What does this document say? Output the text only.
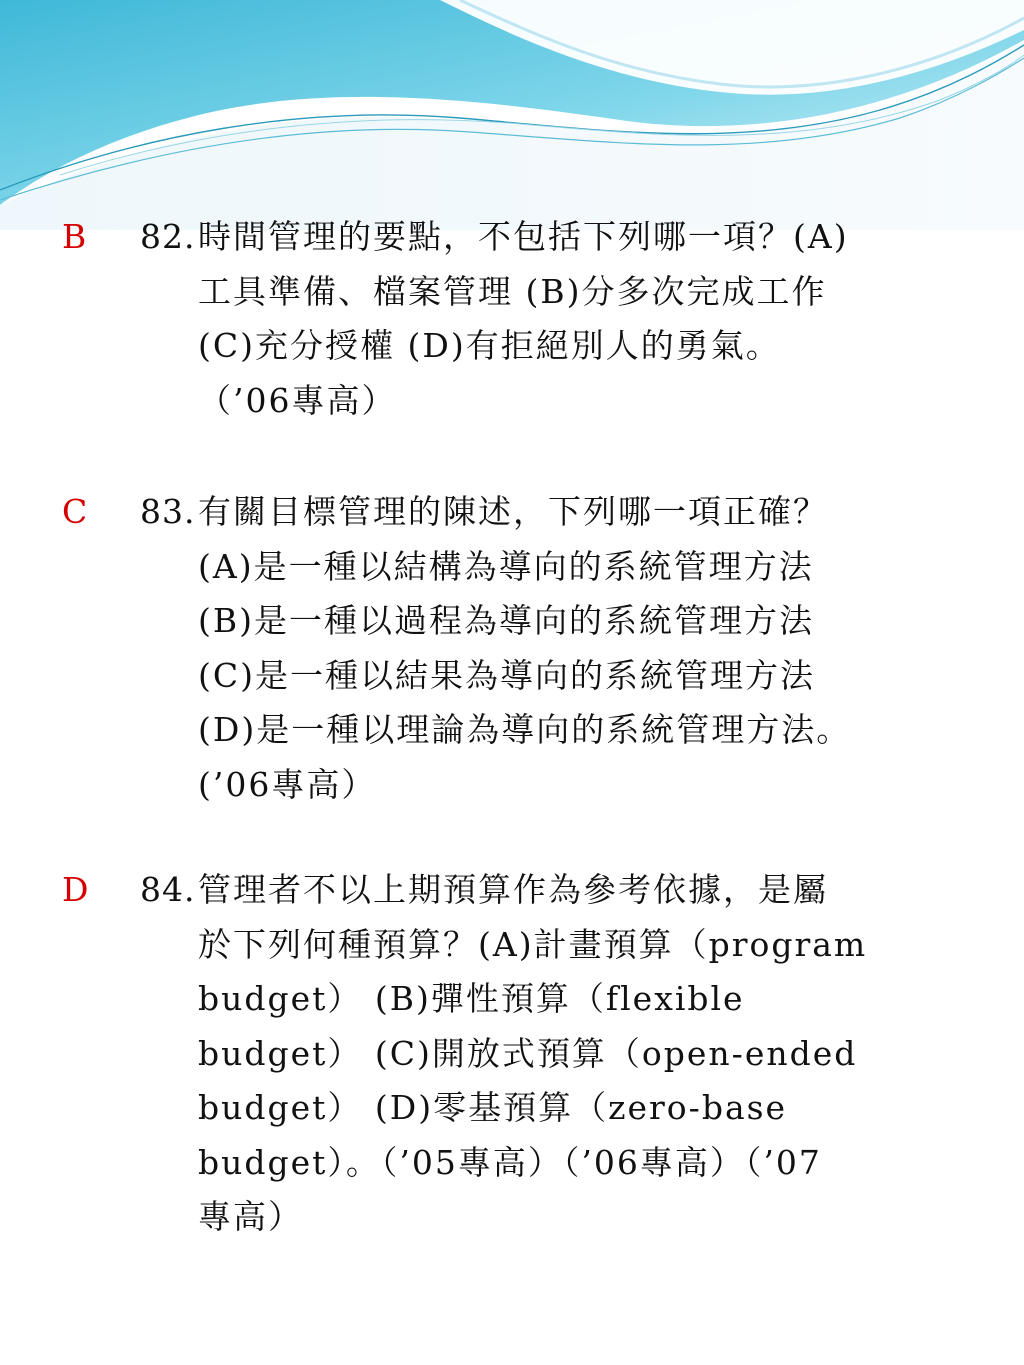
B 82. 時間管理的要點，不包括下列哪一項？(A)
工具準備、檔案管理 (B)分多次完成工作
(C)充分授權 (D)有拒絕別人的勇氣。
（’06專高）
C 83. 有關目標管理的陳述，下列哪一項正確？
(A)是一種以結構為導向的系統管理方法
(B)是一種以過程為導向的系統管理方法
(C)是一種以結果為導向的系統管理方法
(D)是一種以理論為導向的系統管理方法。
(’06專高）
D 84. 管理者不以上期預算作為參考依據，是屬
於下列何種預算？(A)計畫預算（program
budget） (B)彈性預算（flexible
budget） (C)開放式預算（open-ended
budget） (D)零基預算（zero-base
budget）。（’05專高）（’06專高）（’07
專高）
